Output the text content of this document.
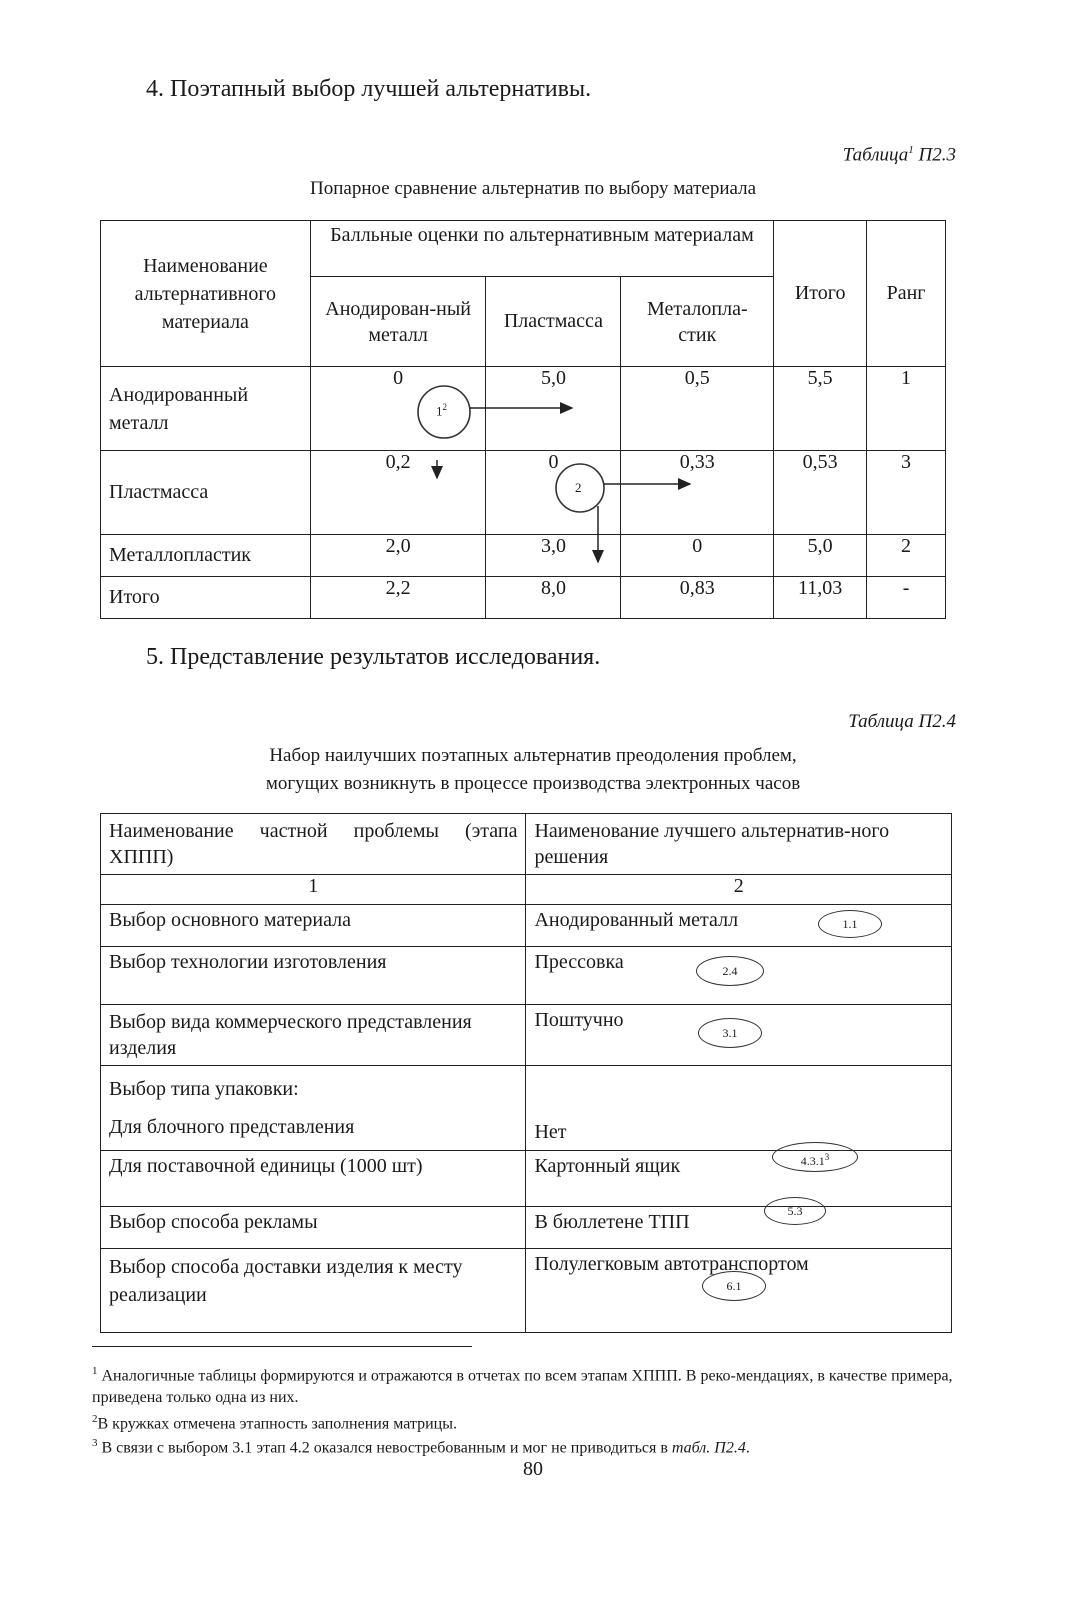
4. Поэтапный выбор лучшей альтернативы.
Таблица$^1$ П2.3
Попарное сравнение альтернатив по выбору материала
Наименование альтернативного материала	Балльные оценки по альтернативным материалам			Итого	Ранг
	Анодирован-ный металл	Пластмасса	Металопла-стик		
Анодированный металл	0	5,0	0,5	5,5	1
Пластмасса	0,2	0	0,33	0,53	3
Металлопластик	2,0	3,0	0	5,0	2
Итого	2,2	8,0	0,83	11,03	-
$1^2$
2
5. Представление результатов исследования.
Таблица П2.4
Набор наилучших поэтапных альтернатив преодоления проблем,
могущих возникнуть в процессе производства электронных часов
Наименование частной проблемы (этапа ХППП)	Наименование лучшего альтернатив-ного решения
1	2
Выбор основного материала	Анодированный металл
Выбор технологии изготовления	Прессовка
Выбор вида коммерческого представления изделия	Поштучно

Выбор типа упаковки:
Для блочного представления	Нет

Для поставочной единицы (1000 шт)	Картонный ящик
Выбор способа рекламы	В бюллетене ТПП
Выбор способа доставки изделия к месту реализации	Полулегковым автотранспортом
1.1
2.4
3.1
4.3.1$^3$
5.3
6.1
$^1$ Аналогичные таблицы формируются и отражаются в отчетах по всем этапам ХППП. В реко-мендациях, в качестве примера, приведена только одна из них.
$^2$В кружках отмечена этапность заполнения матрицы.
$^3$ В связи с выбором 3.1 этап 4.2 оказался невостребованным и мог не приводиться в табл. П2.4.
80
